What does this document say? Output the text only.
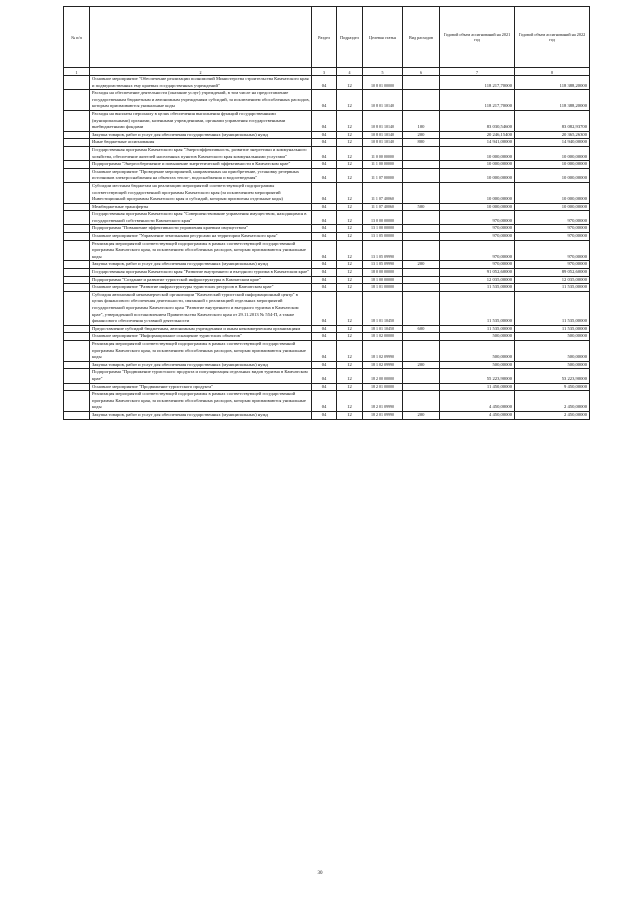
№ п/п		Раздел	Подраздел	Целевая статья	Вид расходов	Годовой объем ассигнований на 2021 год	Годовой объем ассигнований на 2022 год
1	2	3	4	5	6	7	8
	Основное мероприятие "Обеспечение реализации полномочий Министерства строительства Камчатского края и подведомственных ему краевых государственных учреждений"	04	12	10 8 01 00000		118 217,70000	118 388,20000
	Расходы на обеспечение деятельности (оказание услуг) учреждений, в том числе на предоставление государственным бюджетным и автономным учреждениям субсидий, за исключением обособленных расходов, которым присваиваются уникальные коды	04	12	10 8 01 10140		118 217,70000	118 388,20000
	Расходы на выплаты персоналу в целях обеспечения выполнения функций государственными (муниципальными) органами, казенными учреждениями, органами управления государственными внебюджетными фондами	04	12	10 8 01 10140	100	83 030,54600	83 082,93700
	Закупка товаров, работ и услуг для обеспечения государственных (муниципальных) нужд	04	12	10 8 01 10140	200	20 246,15400	20 365,26300
	Иные бюджетные ассигнования	04	12	10 8 01 10140	800	14 941,00000	14 940,00000
	Государственная программа Камчатского края "Энергоэффективность, развитие энергетики и коммунального хозяйства, обеспечение жителей населенных пунктов Камчатского края коммунальными услугами"	04	12	11 0 00 00000		10 000,00000	10 000,00000
	Подпрограмма "Энергосбережение и повышение энергетической эффективности в Камчатском крае"	04	12	11 1 00 00000		10 000,00000	10 000,00000
	Основное мероприятие "Проведение мероприятий, направленных на приобретение, установку резервных источников электроснабжения на объектах тепло-, водоснабжения и водоотведения"	04	12	11 1 07 00000		10 000,00000	10 000,00000
	Субсидии местным бюджетам на реализацию мероприятий соответствующей подпрограммы соответствующей государственной программы Камчатского края (за исключением мероприятий Инвестиционной программы Камчатского края и субсидий, которым присвоены отдельные коды)	04	12	11 1 07 40060		10 000,00000	10 000,00000
	Межбюджетные трансферты	04	12	11 1 07 40060	500	10 000,00000	10 000,00000
	Государственная программа Камчатского края "Совершенствование управления имуществом, находящимся в государственной собственности Камчатского края"	04	12	13 0 00 00000		970,00000	970,00000
	Подпрограмма "Повышение эффективности управления краевым имуществом"	04	12	13 1 00 00000		970,00000	970,00000
	Основное мероприятие "Управление земельными ресурсами на территории Камчатского края"	04	12	13 1 05 00000		970,00000	970,00000
	Реализация мероприятий соответствующей подпрограммы в рамках соответствующей государственной программы Камчатского края, за исключением обособленных расходов, которым присваиваются уникальные коды	04	12	13 1 05 09990		970,00000	970,00000
	Закупка товаров, работ и услуг для обеспечения государственных (муниципальных) нужд	04	12	13 1 05 09990	200	970,00000	970,00000
	Государственная программа Камчатского края "Развитие внутреннего и въездного туризма в Камчатском крае"	04	12	18 0 00 00000		91 052,60000	89 052,60000
	Подпрограмма "Создание и развитие туристской инфраструктуры в Камчатском крае"	04	12	18 1 00 00000		12 035,00000	12 035,00000
	Основное мероприятие "Развитие инфраструктуры туристских ресурсов в Камчатском крае"	04	12	18 1 01 00000		11 535,00000	11 535,00000
	Субсидия автономной некоммерческой организации "Камчатский туристский информационный центр" в целях финансового обеспечения деятельности, связанной с реализацией отдельных мероприятий государственной программы Камчатского края "Развитие внутреннего и въездного туризма в Камчатском крае", утвержденной постановлением Правительства Камчатского края от 29.11.2013 № 554-П, а также финансового обеспечения уставной деятельности	04	12	18 1 01 10450		11 535,00000	11 535,00000
	Предоставление субсидий бюджетным, автономным учреждениям и иным некоммерческим организациям	04	12	18 1 01 10450	600	11 535,00000	11 535,00000
	Основное мероприятие "Информационное оснащение туристских объектов"	04	12	18 1 02 00000		500,00000	500,00000
	Реализация мероприятий соответствующей подпрограммы в рамках соответствующей государственной программы Камчатского края, за исключением обособленных расходов, которым присваиваются уникальные коды	04	12	18 1 02 09990		500,00000	500,00000
	Закупка товаров, работ и услуг для обеспечения государственных (муниципальных) нужд	04	12	18 1 02 09990	200	500,00000	500,00000
	Подпрограмма "Продвижение туристского продукта и популяризация отдельных видов туризма в Камчатском крае"	04	12	18 2 00 00000		55 223,90000	53 223,90000
	Основное мероприятие "Продвижение туристского продукта"	04	12	18 2 01 00000		11 450,00000	9 450,00000
	Реализация мероприятий соответствующей подпрограммы в рамках соответствующей государственной программы Камчатского края, за исключением обособленных расходов, которым присваиваются уникальные коды	04	12	18 2 01 09990		4 450,00000	2 450,00000
	Закупка товаров, работ и услуг для обеспечения государственных (муниципальных) нужд	04	12	18 2 01 09990	200	4 450,00000	2 450,00000
30
